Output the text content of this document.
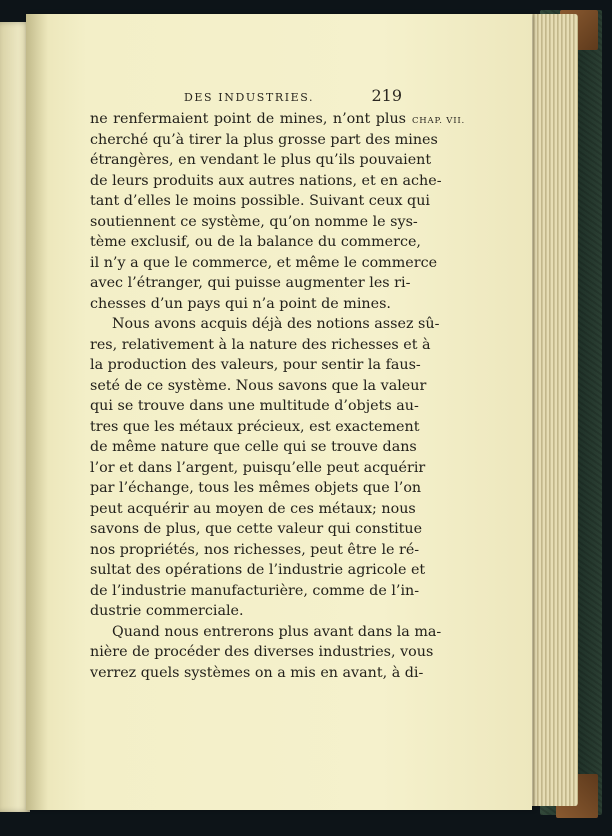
DES INDUSTRIES.	219
CHAP. VII.
ne renfermaient point de mines, n’ont plus
cherché qu’à tirer la plus grosse part des mines
étrangères, en vendant le plus qu’ils pouvaient
de leurs produits aux autres nations, et en ache-
tant d’elles le moins possible. Suivant ceux qui
soutiennent ce système, qu’on nomme le sys-
tème exclusif, ou de la balance du commerce,
il n’y a que le commerce, et même le commerce
avec l’étranger, qui puisse augmenter les ri-
chesses d’un pays qui n’a point de mines.
Nous avons acquis déjà des notions assez sû-
res, relativement à la nature des richesses et à
la production des valeurs, pour sentir la faus-
seté de ce système. Nous savons que la valeur
qui se trouve dans une multitude d’objets au-
tres que les métaux précieux, est exactement
de même nature que celle qui se trouve dans
l’or et dans l’argent, puisqu’elle peut acquérir
par l’échange, tous les mêmes objets que l’on
peut acquérir au moyen de ces métaux; nous
savons de plus, que cette valeur qui constitue
nos propriétés, nos richesses, peut être le ré-
sultat des opérations de l’industrie agricole et
de l’industrie manufacturière, comme de l’in-
dustrie commerciale.
Quand nous entrerons plus avant dans la ma-
nière de procéder des diverses industries, vous
verrez quels systèmes on a mis en avant, à di-
